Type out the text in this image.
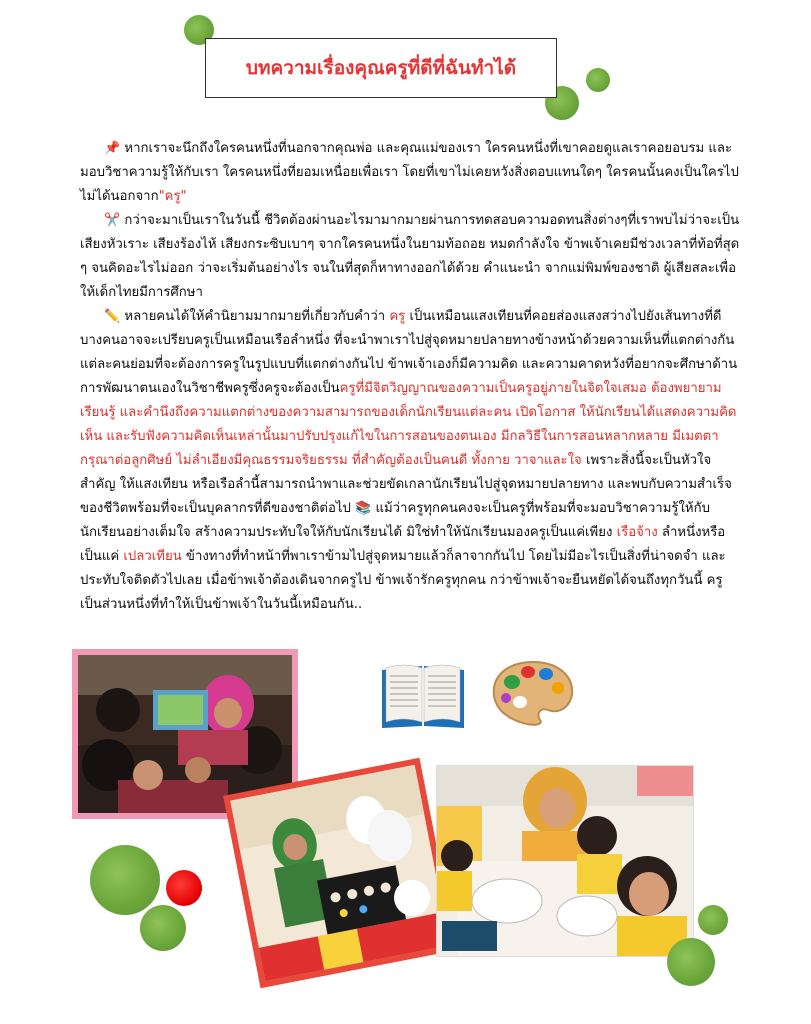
บทความเรื่องคุณครูที่ดีที่ฉันทำได้

📌 หากเราจะนึกถึงใครคนหนึ่งที่นอกจากคุณพ่อ และคุณแม่ของเรา ใครคนหนึ่งที่เขาคอยดูแลเราคอยอบรม และมอบวิชาความรู้ให้กับเรา ใครคนหนึ่งที่ยอมเหนื่อยเพื่อเรา โดยที่เขาไม่เคยหวังสิ่งตอบแทนใดๆ ใครคนนั้นคงเป็นใครไปไม่ได้นอกจาก"ครู"

✂️ กว่าจะมาเป็นเราในวันนี้ ชีวิตต้องผ่านอะไรมามากมายผ่านการทดสอบความอดทนสิ่งต่างๆที่เราพบไม่ว่าจะเป็นเสียงหัวเราะ เสียงร้องไห้ เสียงกระซิบเบาๆ จากใครคนหนึ่งในยามท้อถอย หมดกำลังใจ ข้าพเจ้าเคยมีช่วงเวลาที่ท้อที่สุด ๆ จนคิดอะไรไม่ออก ว่าจะเริ่มต้นอย่างไร จนในที่สุดก็หาทางออกได้ด้วย คำแนะนำ จากแม่พิมพ์ของชาติ ผู้เสียสละเพื่อให้เด็กไทยมีการศึกษา

✏️ หลายคนได้ให้คำนิยามมากมายที่เกี่ยวกับคำว่า ครู เป็นเหมือนแสงเทียนที่คอยส่องแสงสว่างไปยังเส้นทางที่ดี บางคนอาจจะเปรียบครูเป็นเหมือนเรือลำหนึ่ง ที่จะนำพาเราไปสู่จุดหมายปลายทางข้างหน้าด้วยความเห็นที่แตกต่างกัน แต่ละคนย่อมที่จะต้องการครูในรูปแบบที่แตกต่างกันไป ข้าพเจ้าเองก็มีความคิด และความคาดหวังที่อยากจะศึกษาด้านการพัฒนาตนเองในวิชาชีพครูซึ่งครูจะต้องเป็นครูที่มีจิตวิญญาณของความเป็นครูอยู่ภายในจิตใจเสมอ ต้องพยายามเรียนรู้ และคำนึงถึงความแตกต่างของความสามารถของเด็กนักเรียนแต่ละคน เปิดโอกาส ให้นักเรียนได้แสดงความคิดเห็น และรับฟังความคิดเห็นเหล่านั้นมาปรับปรุงแก้ไขในการสอนของตนเอง มีกลวิธีในการสอนหลากหลาย มีเมตตากรุณาต่อลูกศิษย์ ไม่ลำเอียงมีคุณธรรมจริยธรรม ที่สำคัญต้องเป็นคนดี ทั้งกาย วาจาและใจ เพราะสิ่งนี้จะเป็นหัวใจสำคัญ ให้แสงเทียน หรือเรือลำนี้สามารถนำพาและช่วยขัดเกลานักเรียนไปสู่จุดหมายปลายทาง และพบกับความสำเร็จของชีวิตพร้อมที่จะเป็นบุคลากรที่ดีของชาติต่อไป 📚 แม้ว่าครูทุกคนคงจะเป็นครูที่พร้อมที่จะมอบวิชาความรู้ให้กับนักเรียนอย่างเต็มใจ สร้างความประทับใจให้กับนักเรียนได้ มิใช่ทำให้นักเรียนมองครูเป็นแค่เพียง เรือจ้าง ลำหนึ่งหรือเป็นแค่ เปลวเทียน ข้างทางที่ทำหน้าที่พาเราข้ามไปสู่จุดหมายแล้วก็ลาจากกันไป โดยไม่มีอะไรเป็นสิ่งที่น่าจดจำ และประทับใจติดตัวไปเลย เมื่อข้าพเจ้าต้องเดินจากครูไป ข้าพเจ้ารักครูทุกคน กว่าข้าพเจ้าจะยืนหยัดได้จนถึงทุกวันนี้ ครูเป็นส่วนหนึ่งที่ทำให้เป็นข้าพเจ้าในวันนี้เหมือนกัน..
